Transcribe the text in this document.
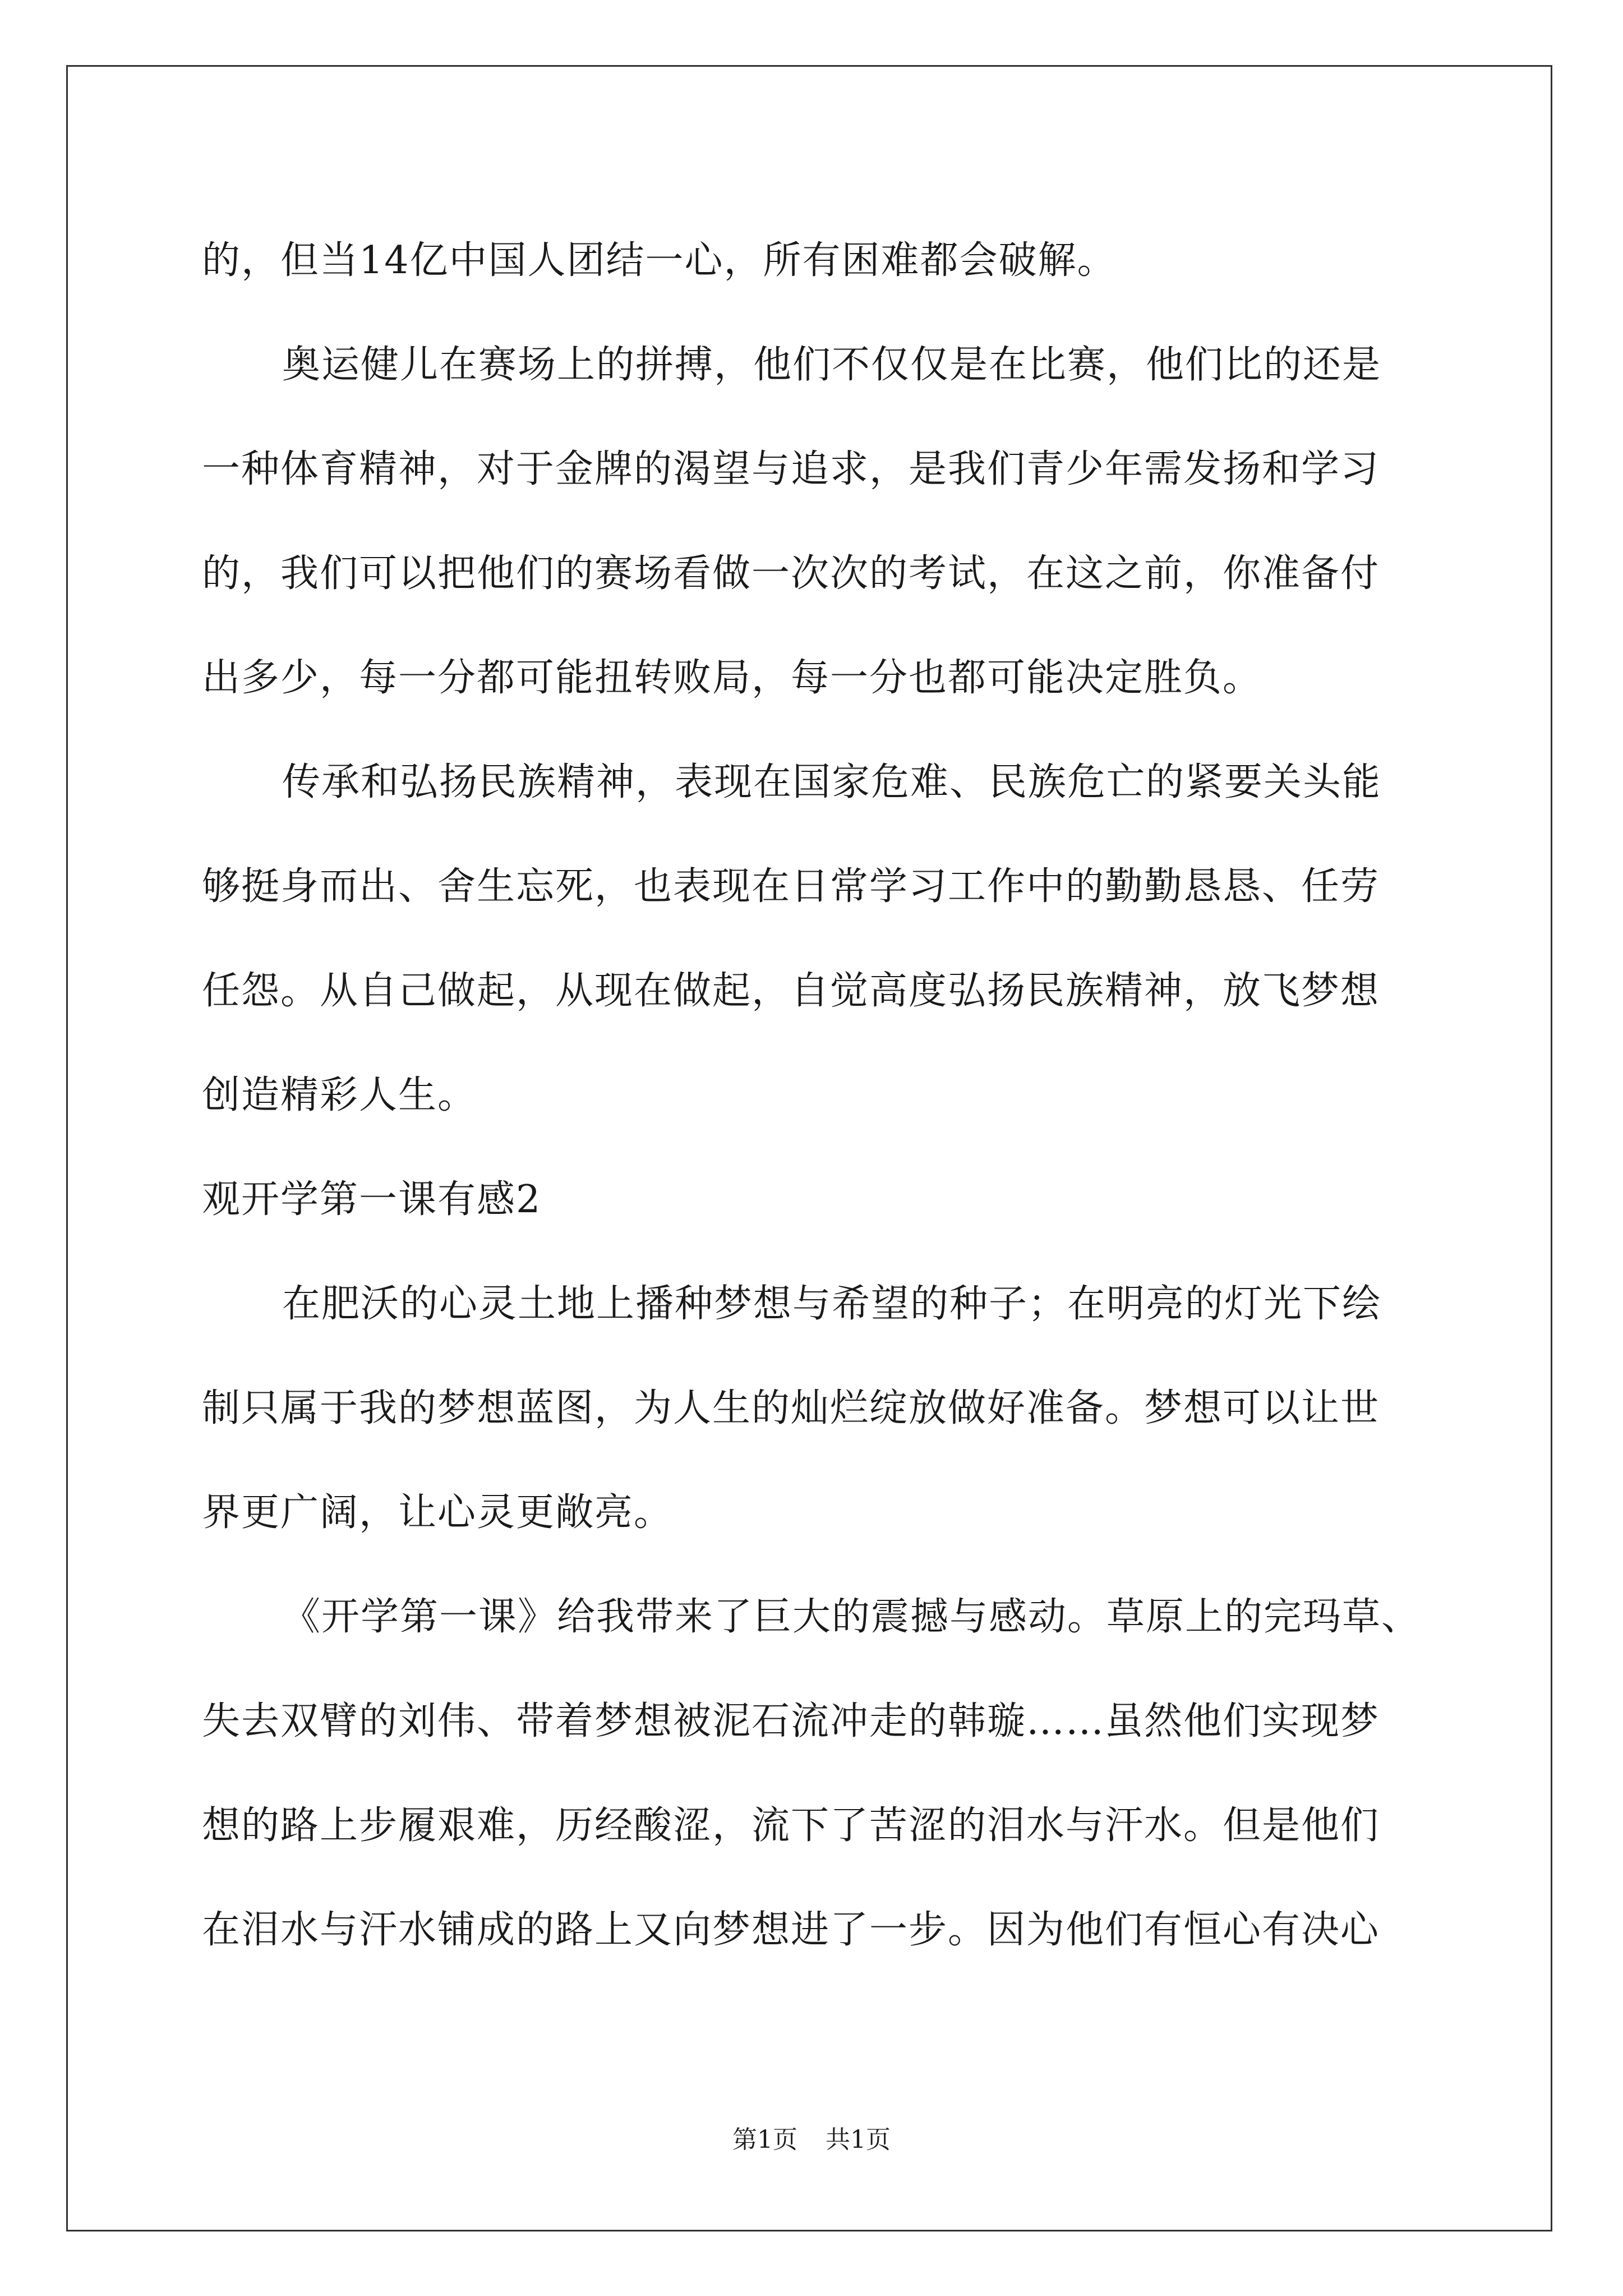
的，但当14亿中国人团结一心，所有困难都会破解。
奥运健儿在赛场上的拼搏，他们不仅仅是在比赛，他们比的还是
一种体育精神，对于金牌的渴望与追求，是我们青少年需发扬和学习
的，我们可以把他们的赛场看做一次次的考试，在这之前，你准备付
出多少，每一分都可能扭转败局，每一分也都可能决定胜负。
传承和弘扬民族精神，表现在国家危难、民族危亡的紧要关头能
够挺身而出、舍生忘死，也表现在日常学习工作中的勤勤恳恳、任劳
任怨。从自己做起，从现在做起，自觉高度弘扬民族精神，放飞梦想
创造精彩人生。
观开学第一课有感2
在肥沃的心灵土地上播种梦想与希望的种子；在明亮的灯光下绘
制只属于我的梦想蓝图，为人生的灿烂绽放做好准备。梦想可以让世
界更广阔，让心灵更敞亮。
《开学第一课》给我带来了巨大的震撼与感动。草原上的完玛草、
失去双臂的刘伟、带着梦想被泥石流冲走的韩璇……虽然他们实现梦
想的路上步履艰难，历经酸涩，流下了苦涩的泪水与汗水。但是他们
在泪水与汗水铺成的路上又向梦想进了一步。因为他们有恒心有决心
第1页 共1页
